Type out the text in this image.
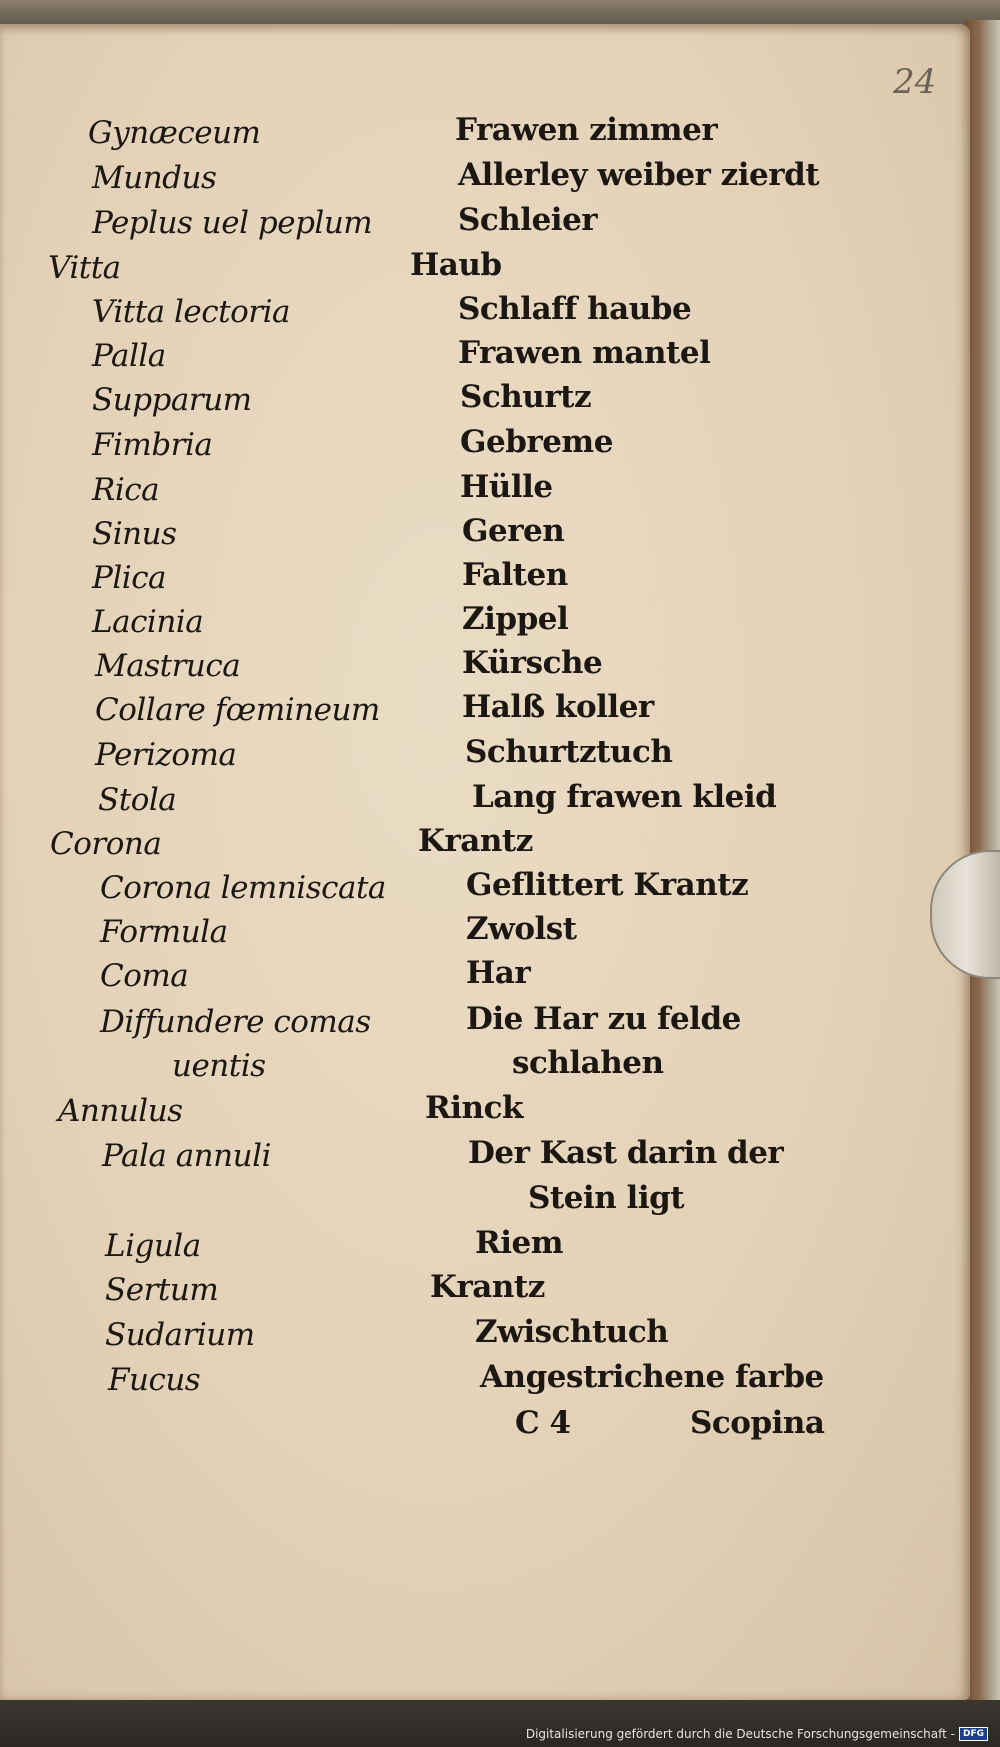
24
Gynæceum
Mundus
Peplus uel peplum
Vitta
Vitta lectoria
Palla
Supparum
Fimbria
Rica
Sinus
Plica
Lacinia
Mastruca
Collare fœmineum
Perizoma
Stola
Corona
Corona lemniscata
Formula
Coma
Diffundere comas
uentis
Annulus
Pala annuli
Ligula
Sertum
Sudarium
Fucus
Frawen zimmer
Allerley weiber zierdt
Schleier
Haub
Schlaff haube
Frawen mantel
Schurtz
Gebreme
Hülle
Geren
Falten
Zippel
Kürsche
Halß koller
Schurtztuch
Lang frawen kleid
Krantz
Geflittert Krantz
Zwolst
Har
Die Har zu felde
schlahen
Rinck
Der Kast darin der
Stein ligt
Riem
Krantz
Zwischtuch
Angestrichene farbe
C 4	Scopina
Digitalisierung gefördert durch die Deutsche Forschungsgemeinschaft - DFG
